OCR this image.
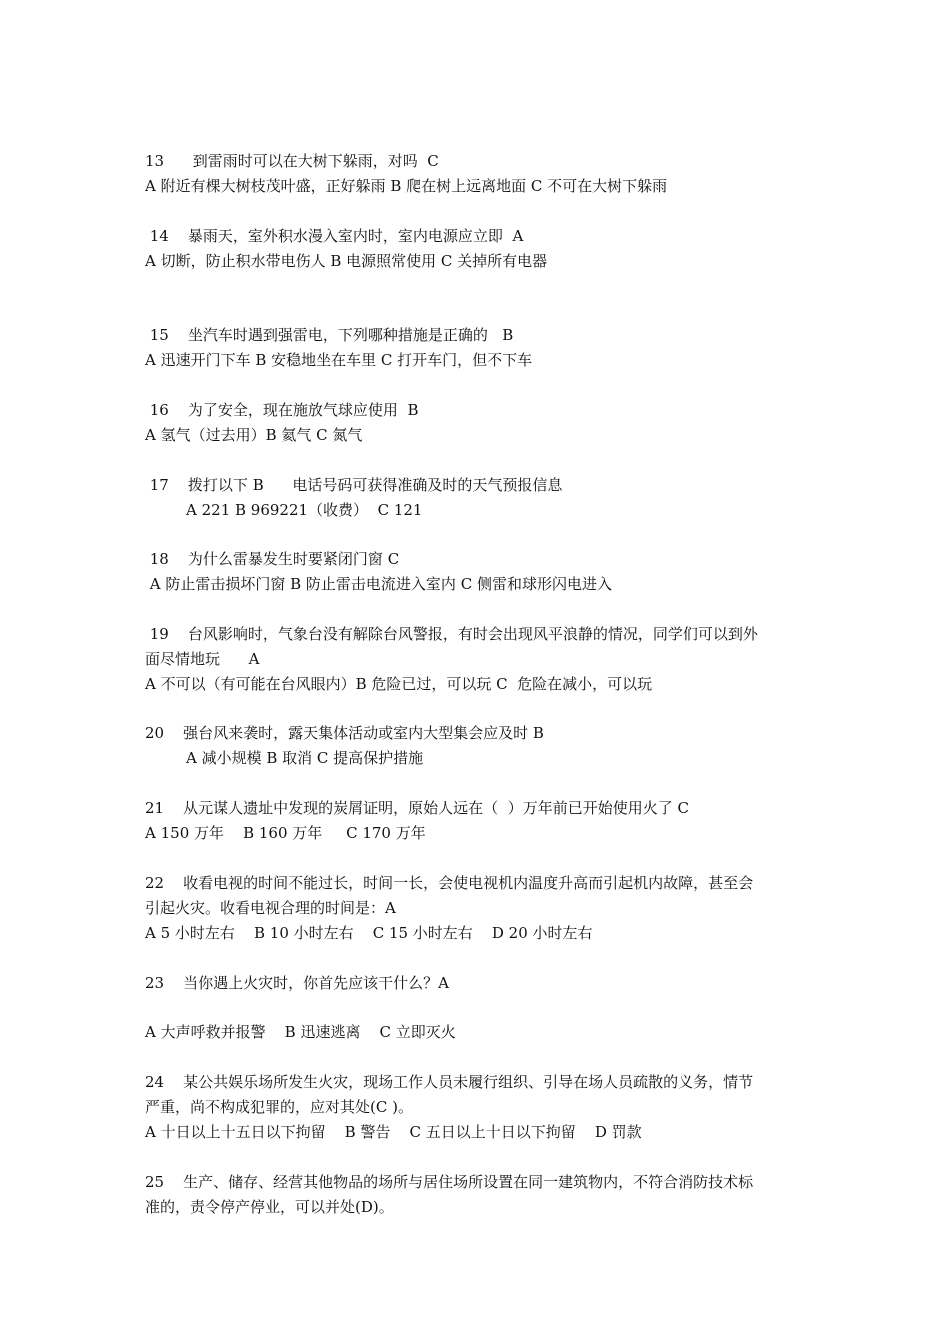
13      到雷雨时可以在大树下躲雨，对吗  C
A 附近有棵大树枝茂叶盛，正好躲雨 B 爬在树上远离地面 C 不可在大树下躲雨
14    暴雨天，室外积水漫入室内时，室内电源应立即  A
A 切断，防止积水带电伤人 B 电源照常使用 C 关掉所有电器
15    坐汽车时遇到强雷电，下列哪种措施是正确的   B
A 迅速开门下车 B 安稳地坐在车里 C 打开车门，但不下车
16    为了安全，现在施放气球应使用  B
A 氢气（过去用）B 氦气 C 氮气
17    拨打以下 B      电话号码可获得准确及时的天气预报信息
A 221 B 969221（收费）  C 121
18    为什么雷暴发生时要紧闭门窗 C
A 防止雷击损坏门窗 B 防止雷击电流进入室内 C 侧雷和球形闪电进入
19    台风影响时，气象台没有解除台风警报，有时会出现风平浪静的情况，同学们可以到外
面尽情地玩      A
A 不可以（有可能在台风眼内）B 危险已过，可以玩 C  危险在减小，可以玩
20    强台风来袭时，露天集体活动或室内大型集会应及时 B
A 减小规模 B 取消 C 提高保护措施
21    从元谋人遗址中发现的炭屑证明，原始人远在（  ）万年前已开始使用火了 C
A 150 万年    B 160 万年     C 170 万年
22    收看电视的时间不能过长，时间一长，会使电视机内温度升高而引起机内故障，甚至会
引起火灾。收看电视合理的时间是：A
A 5 小时左右    B 10 小时左右    C 15 小时左右    D 20 小时左右
23    当你遇上火灾时，你首先应该干什么？A
A 大声呼救并报警    B 迅速逃离    C 立即灭火
24    某公共娱乐场所发生火灾，现场工作人员未履行组织、引导在场人员疏散的义务，情节
严重，尚不构成犯罪的，应对其处(C )。
A 十日以上十五日以下拘留    B 警告    C 五日以上十日以下拘留    D 罚款
25    生产、储存、经营其他物品的场所与居住场所设置在同一建筑物内，不符合消防技术标
准的，责令停产停业，可以并处(D)。
